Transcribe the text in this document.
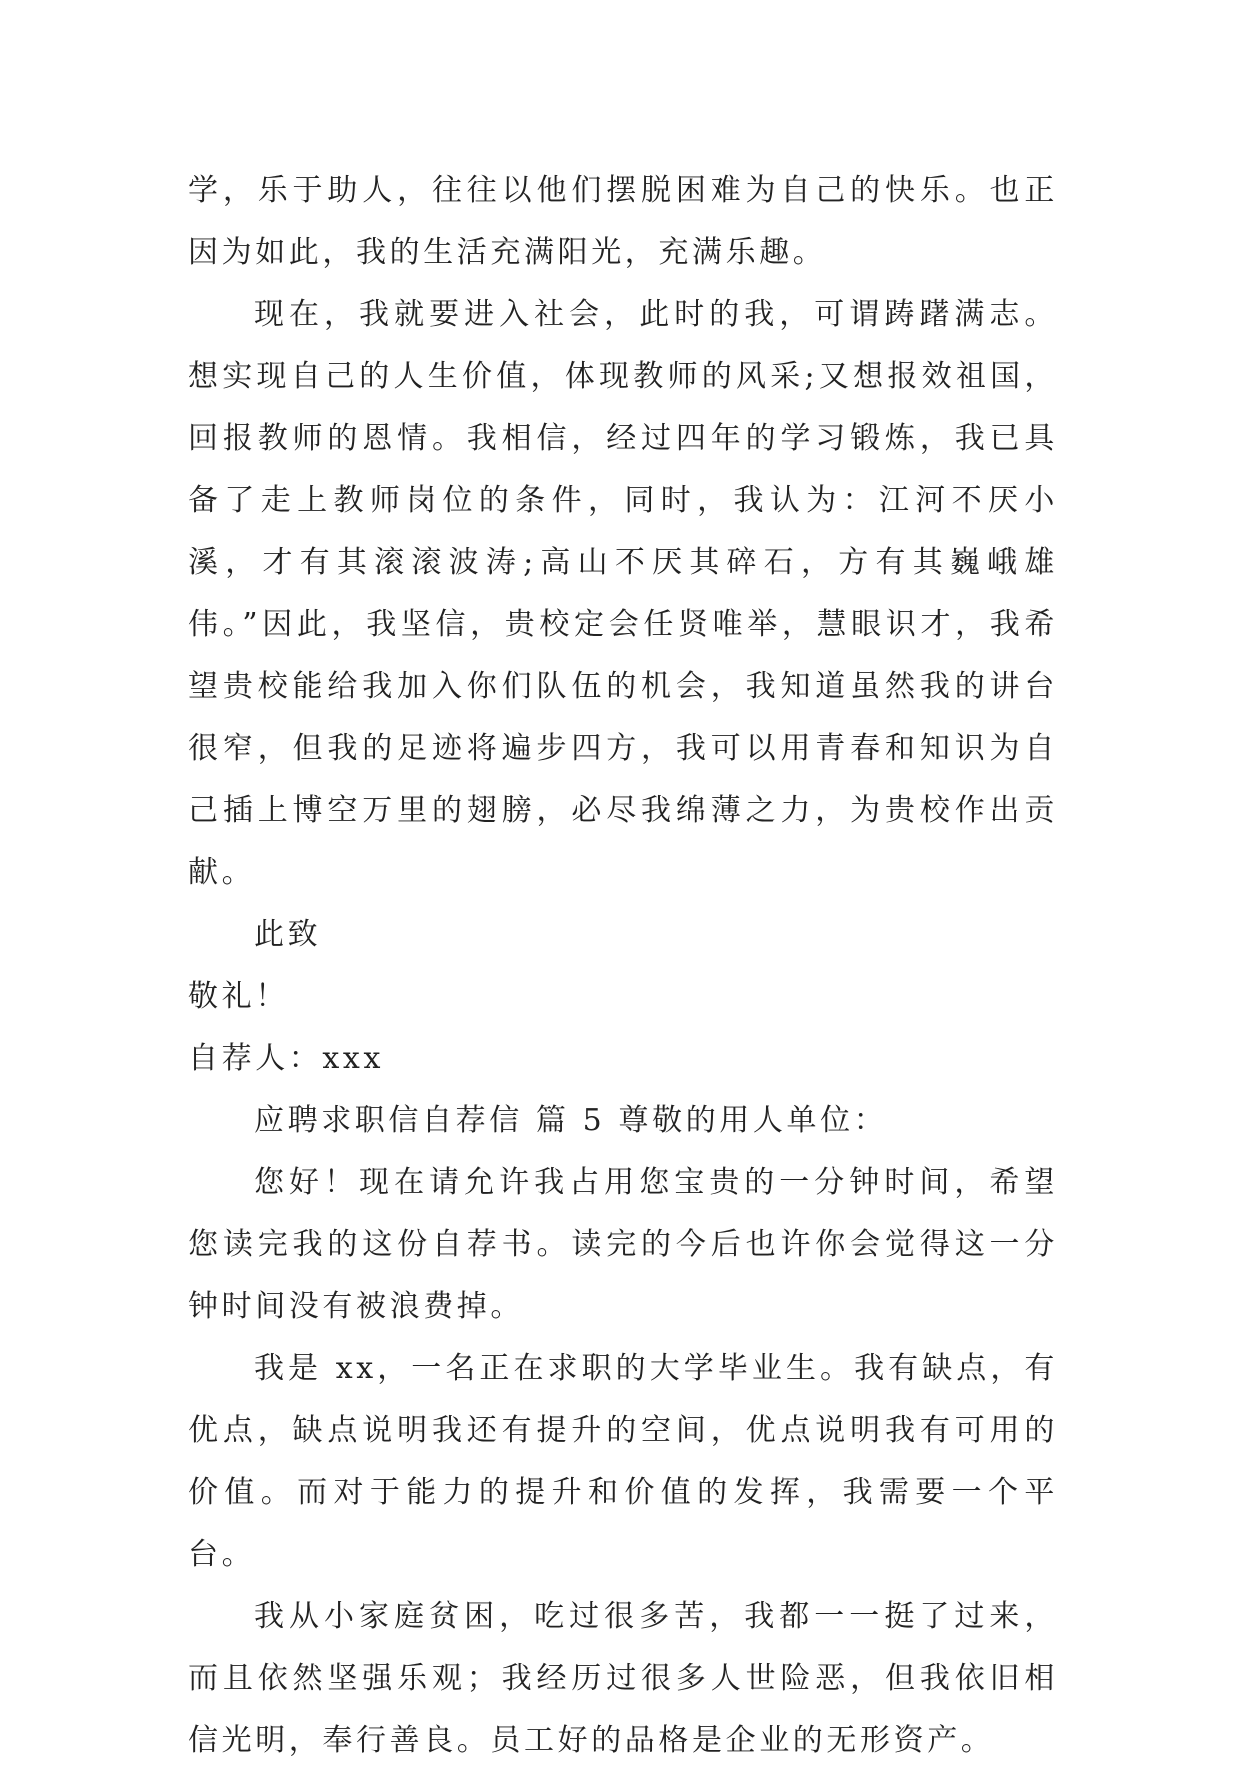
学，乐于助人，往往以他们摆脱困难为自己的快乐。也正因为如此，我的生活充满阳光，充满乐趣。

现在，我就要进入社会，此时的我，可谓踌躇满志。想实现自己的人生价值，体现教师的风采;又想报效祖国，回报教师的恩情。我相信，经过四年的学习锻炼，我已具备了走上教师岗位的条件，同时，我认为：江河不厌小溪，才有其滚滚波涛;高山不厌其碎石，方有其巍峨雄伟。”因此，我坚信，贵校定会任贤唯举，慧眼识才，我希望贵校能给我加入你们队伍的机会，我知道虽然我的讲台很窄，但我的足迹将遍步四方，我可以用青春和知识为自己插上博空万里的翅膀，必尽我绵薄之力，为贵校作出贡献。

此致

敬礼！

自荐人：xxx

应聘求职信自荐信 篇 5 尊敬的用人单位：

您好！现在请允许我占用您宝贵的一分钟时间，希望您读完我的这份自荐书。读完的今后也许你会觉得这一分钟时间没有被浪费掉。

我是 xx，一名正在求职的大学毕业生。我有缺点，有优点，缺点说明我还有提升的空间，优点说明我有可用的价值。而对于能力的提升和价值的发挥，我需要一个平台。

我从小家庭贫困，吃过很多苦，我都一一挺了过来，而且依然坚强乐观；我经历过很多人世险恶，但我依旧相信光明，奉行善良。员工好的品格是企业的无形资产。
